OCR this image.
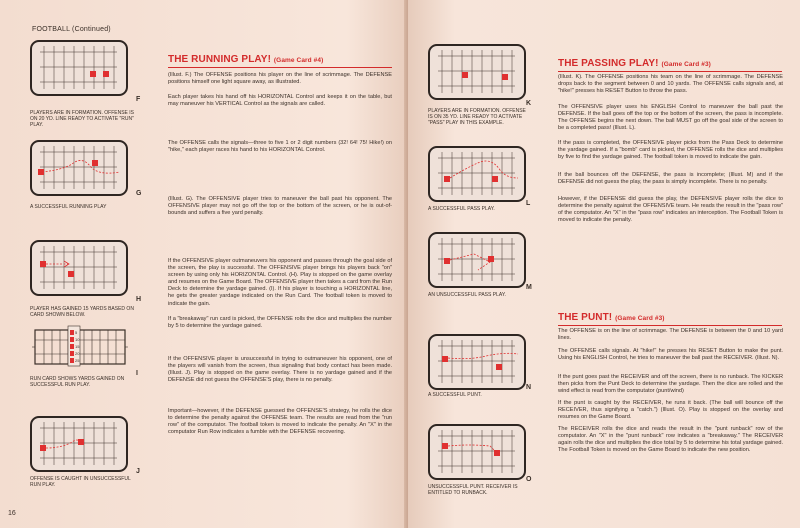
FOOTBALL (Continued)
F
PLAYERS ARE IN FORMATION. OFFENSE IS ON 20 YD. LINE READY TO ACTIVATE "RUN" PLAY.
G
A SUCCESSFUL RUNNING PLAY
H
PLAYER HAS GAINED 15 YARDS BASED ON CARD SHOWN BELOW.
5
10
15
20
25
I
RUN CARD SHOWS YARDS GAINED ON SUCCESSFUL RUN PLAY.
J
OFFENSE IS CAUGHT IN UNSUCCESSFUL RUN PLAY.
THE RUNNING PLAY! (Game Card #4)
(Illust. F.) The OFFENSE positions his player on the line of scrimmage. The DEFENSE positions himself one light square away, as illustrated.
Each player takes his hand off his HORIZONTAL Control and keeps it on the table, but may maneuver his VERTICAL Control as the signals are called.
The OFFENSE calls the signals—three to five 1 or 2 digit numbers (32! 64! 75! Hike!) on "hike," each player races his hand to his HORIZONTAL Control.
(Illust. G). The OFFENSIVE player tries to maneuver the ball past his opponent. The OFFENSIVE player may not go off the top or the bottom of the screen, or he is out-of-bounds and suffers a five yard penalty.
If the OFFENSIVE player outmaneuvers his opponent and passes through the goal side of the screen, the play is successful. The OFFENSIVE player brings his players back "on" screen by using only his HORIZONTAL Control. (H). Play is stopped on the game overlay and resumes on the Game Board. The OFFENSIVE player then takes a card from the Run Deck to determine the yardage gained. (I). If his player is touching a HORIZONTAL line, he gets the greater yardage indicated on the Run Card. The football token is moved to indicate the gain.
If a "breakaway" run card is picked, the OFFENSE rolls the dice and multiplies the number by 5 to determine the yardage gained.
If the OFFENSIVE player is unsuccessful in trying to outmaneuver his opponent, one of the players will vanish from the screen, thus signaling that body contact has been made. (Illust. J). Play is stopped on the game overlay. There is no yardage gained and if the DEFENSE did not guess the OFFENSE'S play, there is no penalty.
Important—however, if the DEFENSE guessed the OFFENSE'S strategy, he rolls the dice to determine the penalty against the OFFENSE team. The results are read from the "run row" of the computator. The football token is moved to indicate the penalty. An "X" in the computator Run Row indicates a fumble with the DEFENSE recovering.
16
K
PLAYERS ARE IN FORMATION. OFFENSE IS ON 35 YD. LINE READY TO ACTIVATE "PASS" PLAY IN THIS EXAMPLE.
L
A SUCCESSFUL PASS PLAY.
M
AN UNSUCCESSFUL PASS PLAY.
N
A SUCCESSFUL PUNT.
O
UNSUCCESSFUL PUNT. RECEIVER IS ENTITLED TO RUNBACK.
THE PASSING PLAY! (Game Card #3)
(Illust. K). The OFFENSE positions his team on the line of scrimmage. The DEFENSE drops back to the segment between 0 and 10 yards. The OFFENSE calls signals and, at "hike!" presses his RESET Button to throw the pass.
The OFFENSIVE player uses his ENGLISH Control to maneuver the ball past the DEFENSE. If the ball goes off the top or the bottom of the screen, the pass is incomplete. The OFFENSE begins the next down. The ball MUST go off the goal side of the screen to be a completed pass! (Illust. L).
If the pass is completed, the OFFENSIVE player picks from the Pass Deck to determine the yardage gained. If a "bomb" card is picked, the OFFENSE rolls the dice and multiplies by five to find the yardage gained. The football token is moved to indicate the gain.
If the ball bounces off the DEFENSE, the pass is incomplete; (Illust. M) and if the DEFENSE did not guess the play, the pass is simply incomplete. There is no penalty.
However, if the DEFENSE did guess the play, the DEFENSIVE player rolls the dice to determine the penalty against the OFFENSIVE team. He reads the result in the "pass row" of the computator. An "X" in the "pass row" indicates an interception. The Football Token is moved to indicate the penalty.
THE PUNT! (Game Card #3)
The OFFENSE is on the line of scrimmage. The DEFENSE is between the 0 and 10 yard lines.
The OFFENSE calls signals. At "hike!" he presses his RESET Button to make the punt. Using his ENGLISH Control, he tries to maneuver the ball past the RECEIVER. (Illust. N).
If the punt goes past the RECEIVER and off the screen, there is no runback. The KICKER then picks from the Punt Deck to determine the yardage. Then the dice are rolled and the wind effect is read from the computator (punt/wind)
If the punt is caught by the RECEIVER, he runs it back. (The ball will bounce off the RECEIVER, thus signifying a "catch.") (Illust. O). Play is stopped on the overlay and resumes on the Game Board.
The RECEIVER rolls the dice and reads the result in the "punt runback" row of the computator. An "X" in the "punt runback" row indicates a "breakaway." The RECEIVER again rolls the dice and multiplies the dice total by 5 to determine his total yardage gained. The Football Token is moved on the Game Board to indicate the new position.
